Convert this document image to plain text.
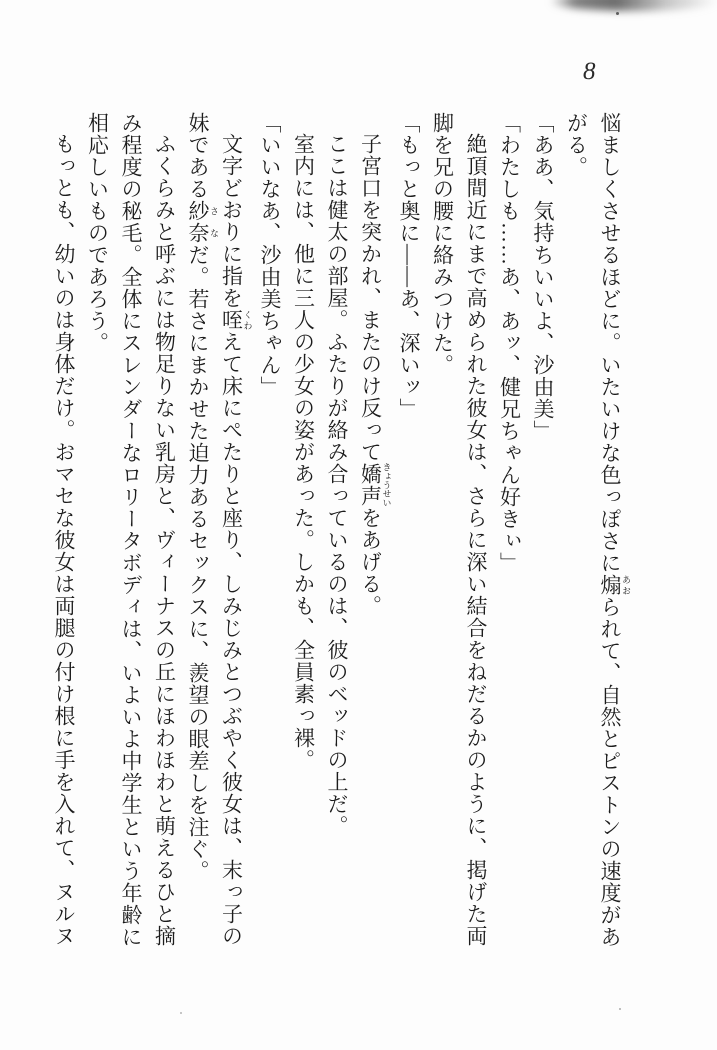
8

悩ましくさせるほどに。いたいけな色っぽさに煽 あおられて、自然とピストンの速度があがる。

「ああ、気持ちいいよ、沙由美」

「わたしも……あ、あッ、健兄ちゃん好きぃ」

絶頂間近にまで高められた彼女は、さらに深い結合をねだるかのように、掲げた両脚を兄の腰に絡みつけた。

「もっと奥に――あ、深いッ」

子宮口を突かれ、またのけ反って嬌声 きょうせいをあげる。

ここは健太の部屋。ふたりが絡み合っているのは、彼のベッドの上だ。

室内には、他に三人の少女の姿があった。しかも、全員素っ裸。

「いいなあ、沙由美ちゃん」

文字どおりに指を咥 くわえて床にぺたりと座り、しみじみとつぶやく彼女は、末っ子の妹である紗奈 さなだ。若さにまかせた迫力あるセックスに、羨望の眼差しを注ぐ。

ふくらみと呼ぶには物足りない乳房と、ヴィーナスの丘にほわほわと萌えるひと摘み程度の秘毛。全体にスレンダーなロリータボディは、いよいよ中学生という年齢に相応しいものであろう。

もっとも、幼いのは身体だけ。おマセな彼女は両腿の付け根に手を入れて、ヌルヌ
